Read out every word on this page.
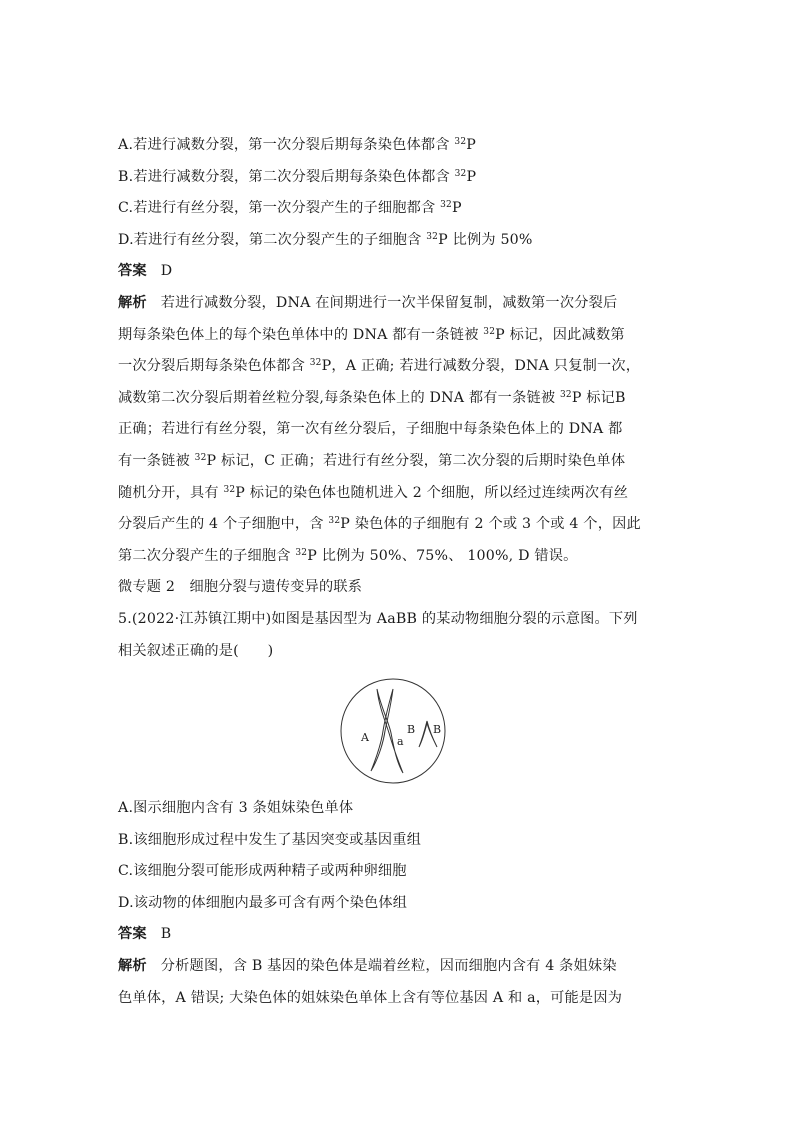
A.若进行减数分裂，第一次分裂后期每条染色体都含 $^{32}$P
B.若进行减数分裂，第二次分裂后期每条染色体都含 $^{32}$P
C.若进行有丝分裂，第一次分裂产生的子细胞都含 $^{32}$P
D.若进行有丝分裂，第二次分裂产生的子细胞含 $^{32}$P 比例为 50%
答案 D
解析 若进行减数分裂，DNA 在间期进行一次半保留复制，减数第一次分裂后
期每条染色体上的每个染色单体中的 DNA 都有一条链被 $^{32}$P 标记，因此减数第
一次分裂后期每条染色体都含 $^{32}$P，A 正确; 若进行减数分裂，DNA 只复制一次，
减数第二次分裂后期着丝粒分裂,每条染色体上的 DNA 都有一条链被 $^{32}$P 标记B
正确；若进行有丝分裂，第一次有丝分裂后，子细胞中每条染色体上的 DNA 都
有一条链被 $^{32}$P 标记，C 正确；若进行有丝分裂，第二次分裂的后期时染色单体
随机分开，具有 $^{32}$P 标记的染色体也随机进入 2 个细胞，所以经过连续两次有丝
分裂后产生的 4 个子细胞中，含 $^{32}$P 染色体的子细胞有 2 个或 3 个或 4 个，因此
第二次分裂产生的子细胞含 $^{32}$P 比例为 50%、75%、 100%, D 错误。
微专题 2　细胞分裂与遗传变异的联系
5.(2022·江苏镇江期中)如图是基因型为 AaBB 的某动物细胞分裂的示意图。下列
相关叙述正确的是(　　)
A	a
B B
A.图示细胞内含有 3 条姐妹染色单体
B.该细胞形成过程中发生了基因突变或基因重组
C.该细胞分裂可能形成两种精子或两种卵细胞
D.该动物的体细胞内最多可含有两个染色体组
答案 B
解析 分析题图，含 B 基因的染色体是端着丝粒，因而细胞内含有 4 条姐妹染
色单体，A 错误; 大染色体的姐妹染色单体上含有等位基因 A 和 a，可能是因为
